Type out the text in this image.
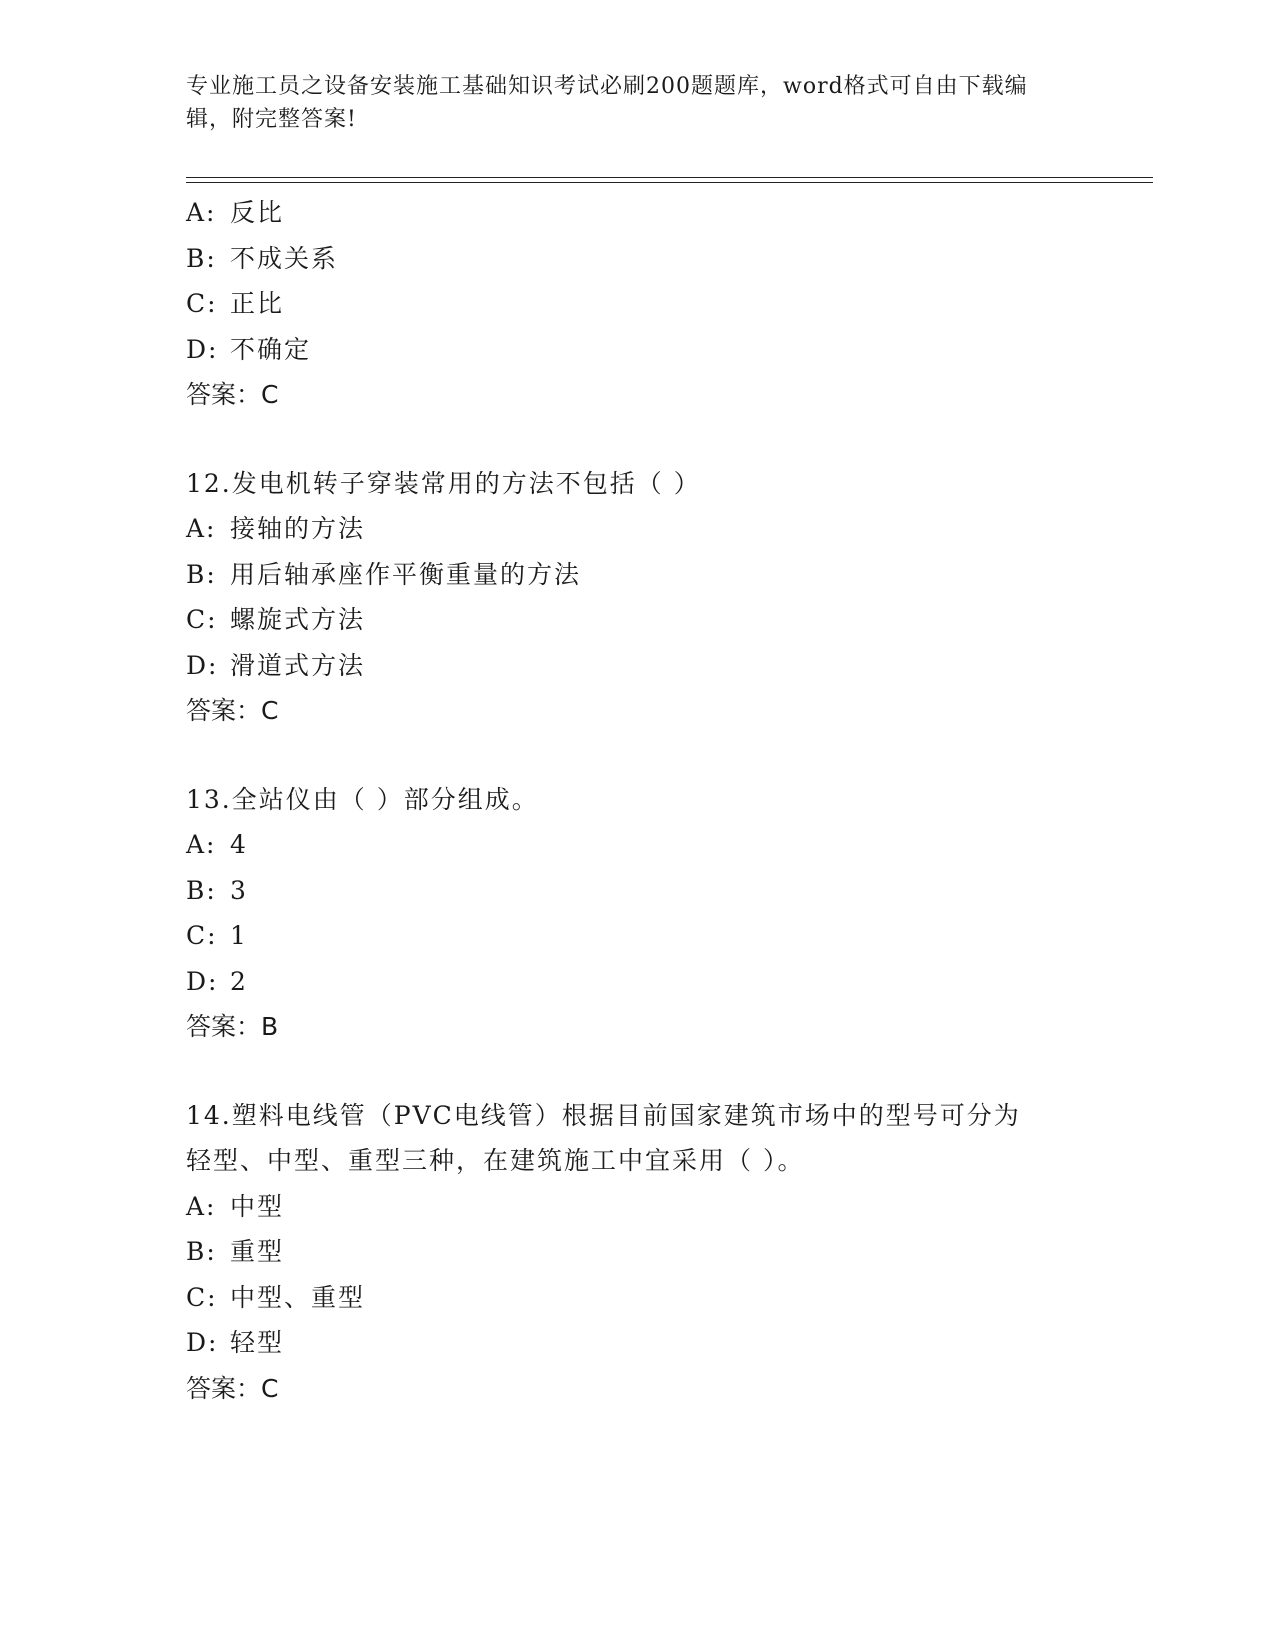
专业施工员之设备安装施工基础知识考试必刷200题题库，word格式可自由下载编辑，附完整答案!
A: 反比
B: 不成关系
C: 正比
D: 不确定
答案：C
12.发电机转子穿装常用的方法不包括（ ）
A: 接轴的方法
B: 用后轴承座作平衡重量的方法
C: 螺旋式方法
D: 滑道式方法
答案：C
13.全站仪由（ ）部分组成。
A: 4
B: 3
C: 1
D: 2
答案：B
14.塑料电线管（PVC电线管）根据目前国家建筑市场中的型号可分为
轻型、中型、重型三种，在建筑施工中宜采用（ ）。
A: 中型
B: 重型
C: 中型、重型
D: 轻型
答案：C
